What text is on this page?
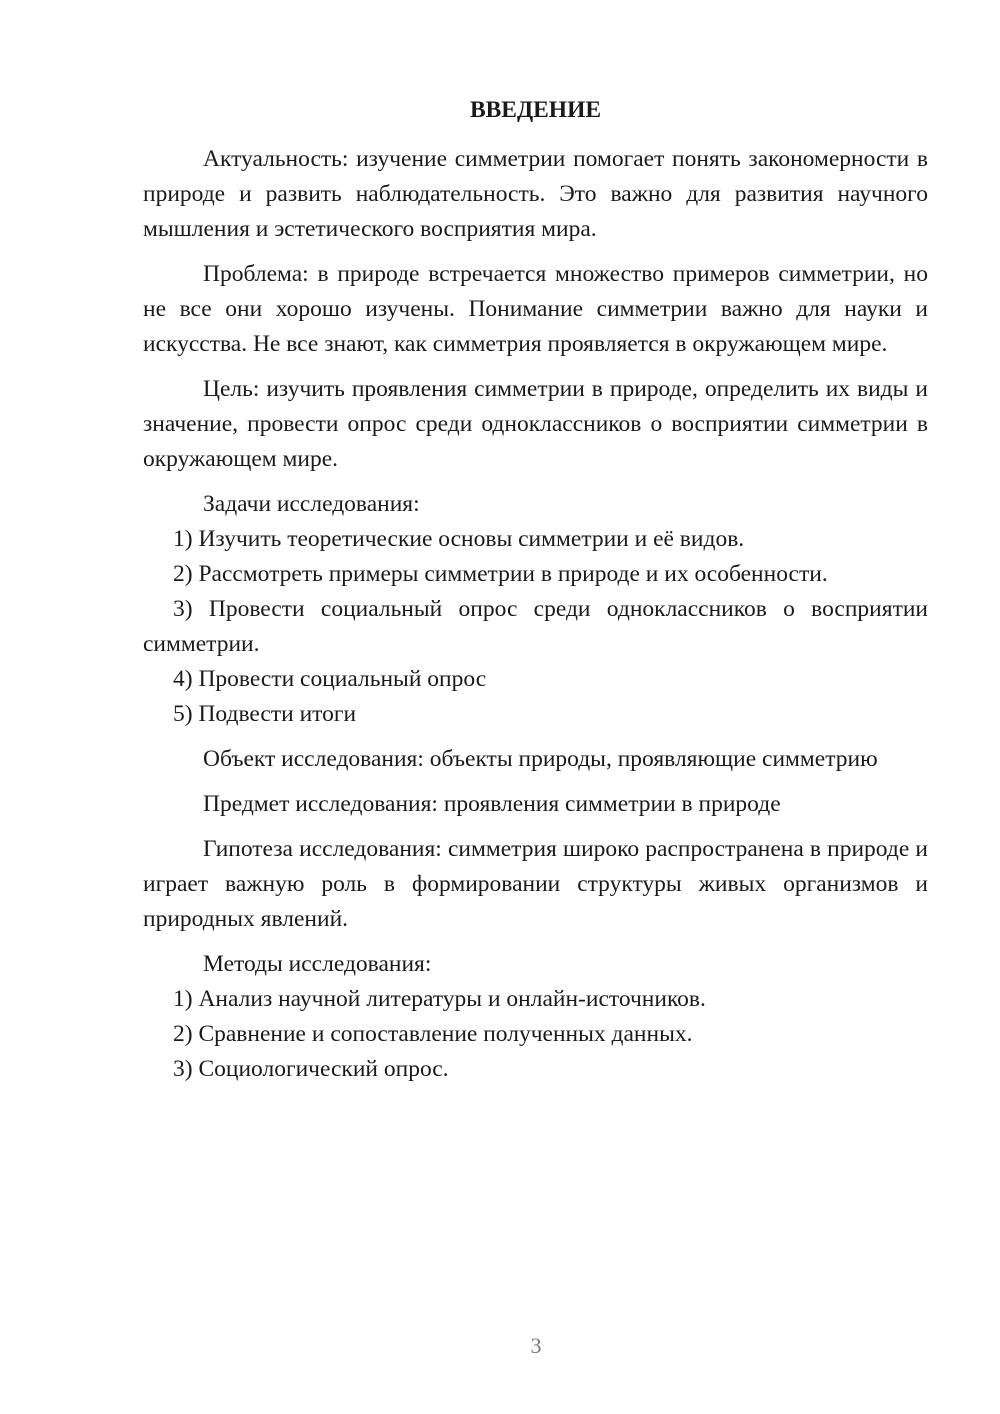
ВВЕДЕНИЕ

Актуальность: изучение симметрии помогает понять закономерности в природе и развить наблюдательность. Это важно для развития научного мышления и эстетического восприятия мира.

Проблема: в природе встречается множество примеров симметрии, но не все они хорошо изучены. Понимание симметрии важно для науки и искусства. Не все знают, как симметрия проявляется в окружающем мире.

Цель: изучить проявления симметрии в природе, определить их виды и значение, провести опрос среди одноклассников о восприятии симметрии в окружающем мире.

Задачи исследования:

1) Изучить теоретические основы симметрии и её видов.

2) Рассмотреть примеры симметрии в природе и их особенности.

3) Провести социальный опрос среди одноклассников о восприятии симметрии.

4) Провести социальный опрос

5) Подвести итоги

Объект исследования: объекты природы, проявляющие симметрию

Предмет исследования: проявления симметрии в природе

Гипотеза исследования: симметрия широко распространена в природе и играет важную роль в формировании структуры живых организмов и природных явлений.

Методы исследования:

1) Анализ научной литературы и онлайн-источников.

2) Сравнение и сопоставление полученных данных.

3) Социологический опрос.

3
